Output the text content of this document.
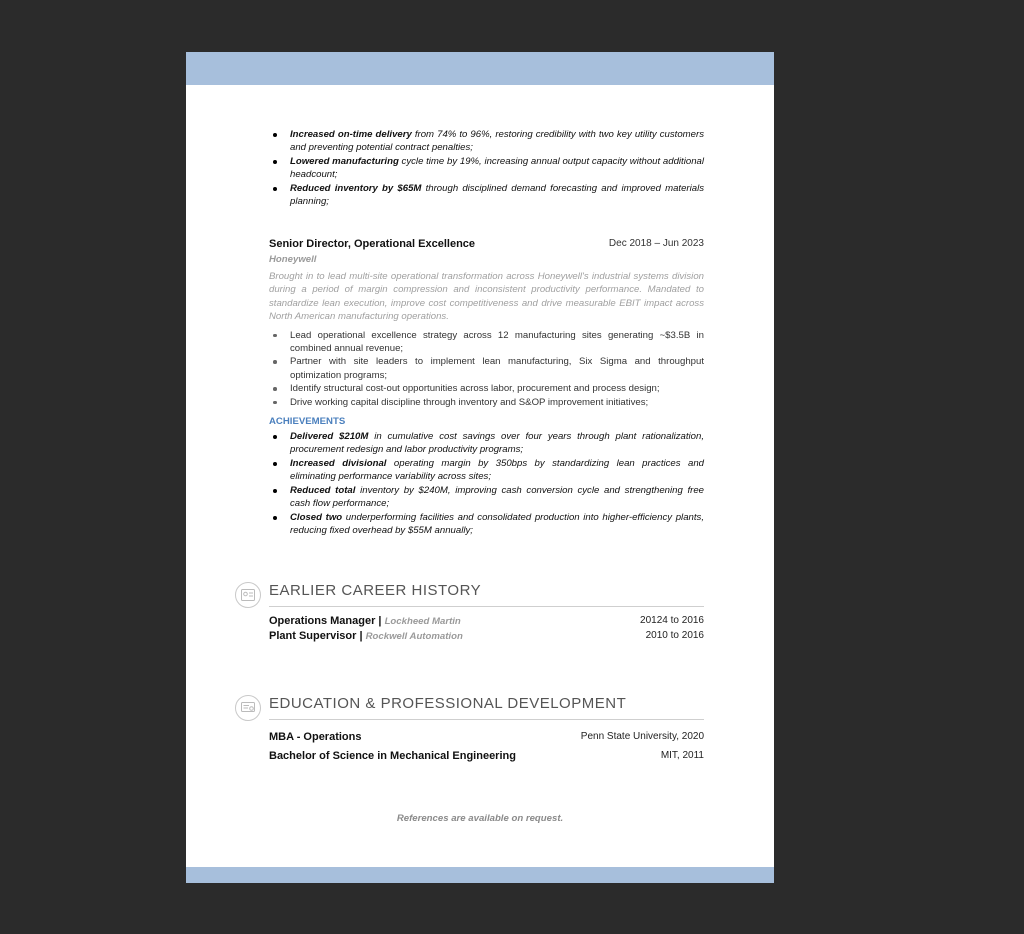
Increased on-time delivery from 74% to 96%, restoring credibility with two key utility customers and preventing potential contract penalties;
Lowered manufacturing cycle time by 19%, increasing annual output capacity without additional headcount;
Reduced inventory by $65M through disciplined demand forecasting and improved materials planning;
Senior Director, Operational Excellence	Dec 2018 – Jun 2023
Honeywell
Brought in to lead multi-site operational transformation across Honeywell's industrial systems division during a period of margin compression and inconsistent productivity performance. Mandated to standardize lean execution, improve cost competitiveness and drive measurable EBIT impact across North American manufacturing operations.
Lead operational excellence strategy across 12 manufacturing sites generating ~$3.5B in combined annual revenue;
Partner with site leaders to implement lean manufacturing, Six Sigma and throughput optimization programs;
Identify structural cost-out opportunities across labor, procurement and process design;
Drive working capital discipline through inventory and S&OP improvement initiatives;
ACHIEVEMENTS
Delivered $210M in cumulative cost savings over four years through plant rationalization, procurement redesign and labor productivity programs;
Increased divisional operating margin by 350bps by standardizing lean practices and eliminating performance variability across sites;
Reduced total inventory by $240M, improving cash conversion cycle and strengthening free cash flow performance;
Closed two underperforming facilities and consolidated production into higher-efficiency plants, reducing fixed overhead by $55M annually;
EARLIER CAREER HISTORY
Operations Manager | Lockheed Martin	20124 to 2016
Plant Supervisor | Rockwell Automation	2010 to 2016
EDUCATION & PROFESSIONAL DEVELOPMENT
MBA - Operations	Penn State University, 2020
Bachelor of Science in Mechanical Engineering	MIT, 2011
References are available on request.
